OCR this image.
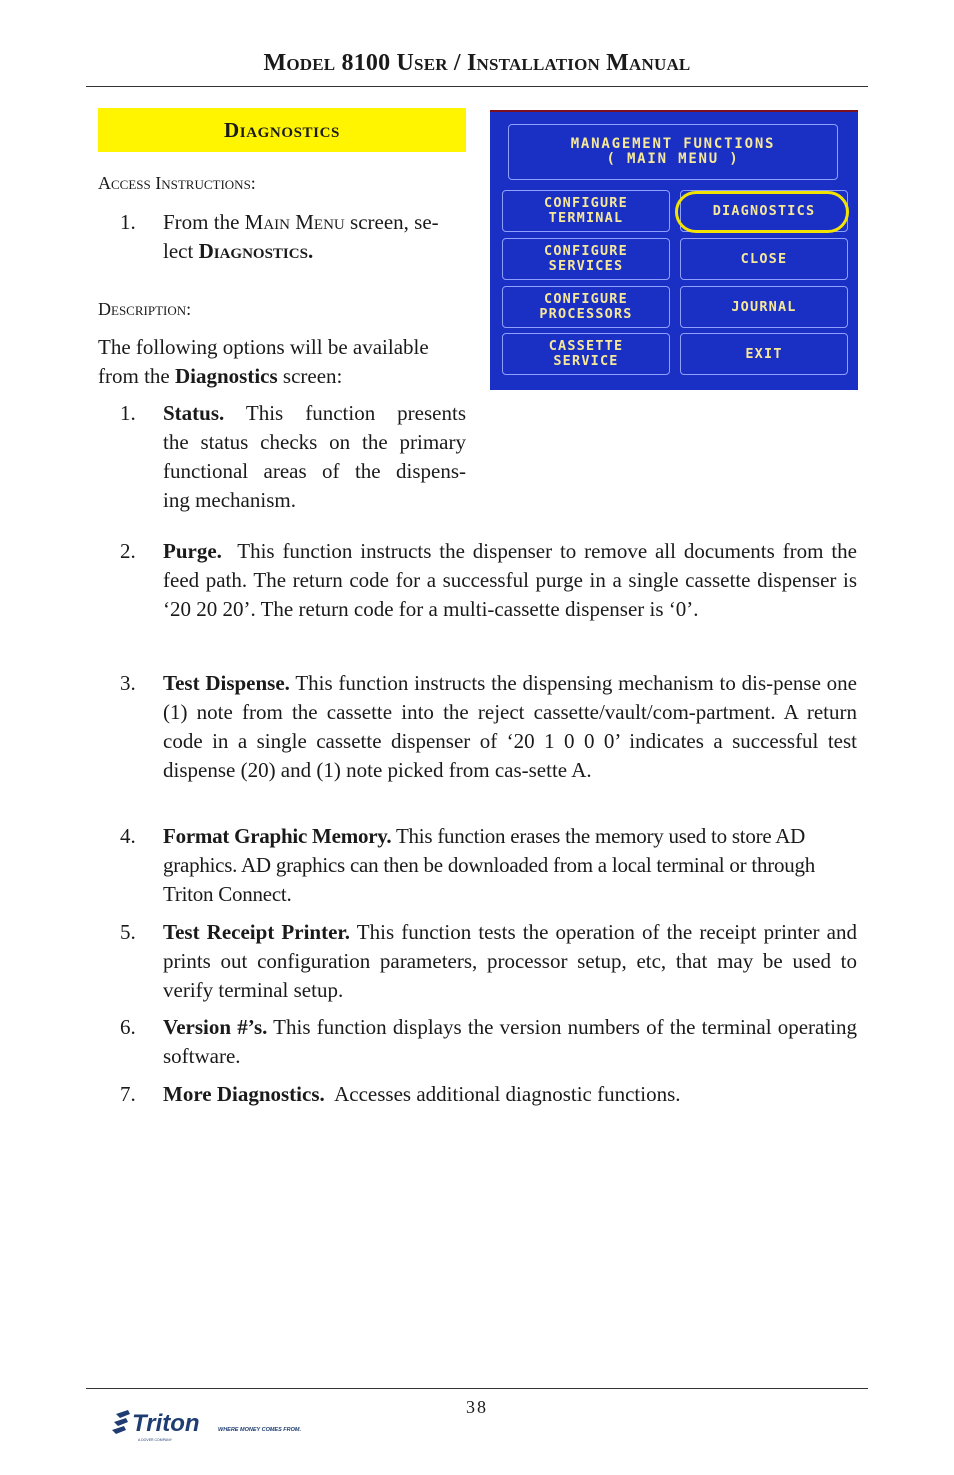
Model 8100 User / Installation Manual
Diagnostics
Access Instructions:
1. From the Main Menu screen, se-
lect Diagnostics.
Description:
The following options will be available
from the Diagnostics screen:
1. Status. This function presents
the status checks on the primary
functional areas of the dispens-
ing mechanism.
2. Purge. This function instructs the dispenser to remove all documents from the feed path. The return code for a successful purge in a single cassette dispenser is ‘20 20 20’. The return code for a multi-cassette dispenser is ‘0’.
3. Test Dispense. This function instructs the dispensing mechanism to dis-pense one (1) note from the cassette into the reject cassette/vault/com-partment. A return code in a single cassette dispenser of ‘20 1 0 0 0’ indicates a successful test dispense (20) and (1) note picked from cas-sette A.
4. Format Graphic Memory. This function erases the memory used to store AD graphics. AD graphics can then be downloaded from a local terminal or through Triton Connect.
5. Test Receipt Printer. This function tests the operation of the receipt printer and prints out configuration parameters, processor setup, etc, that may be used to verify terminal setup.
6. Version #’s. This function displays the version numbers of the terminal operating software.
7. More Diagnostics. Accesses additional diagnostic functions.
MANAGEMENT FUNCTIONS
( MAIN MENU )
CONFIGURE
TERMINAL
CONFIGURE
SERVICES
CONFIGURE
PROCESSORS
CASSETTE
SERVICE
DIAGNOSTICS
CLOSE
JOURNAL
EXIT
38
Triton	WHERE MONEY COMES FROM.
A DOVER COMPANY
